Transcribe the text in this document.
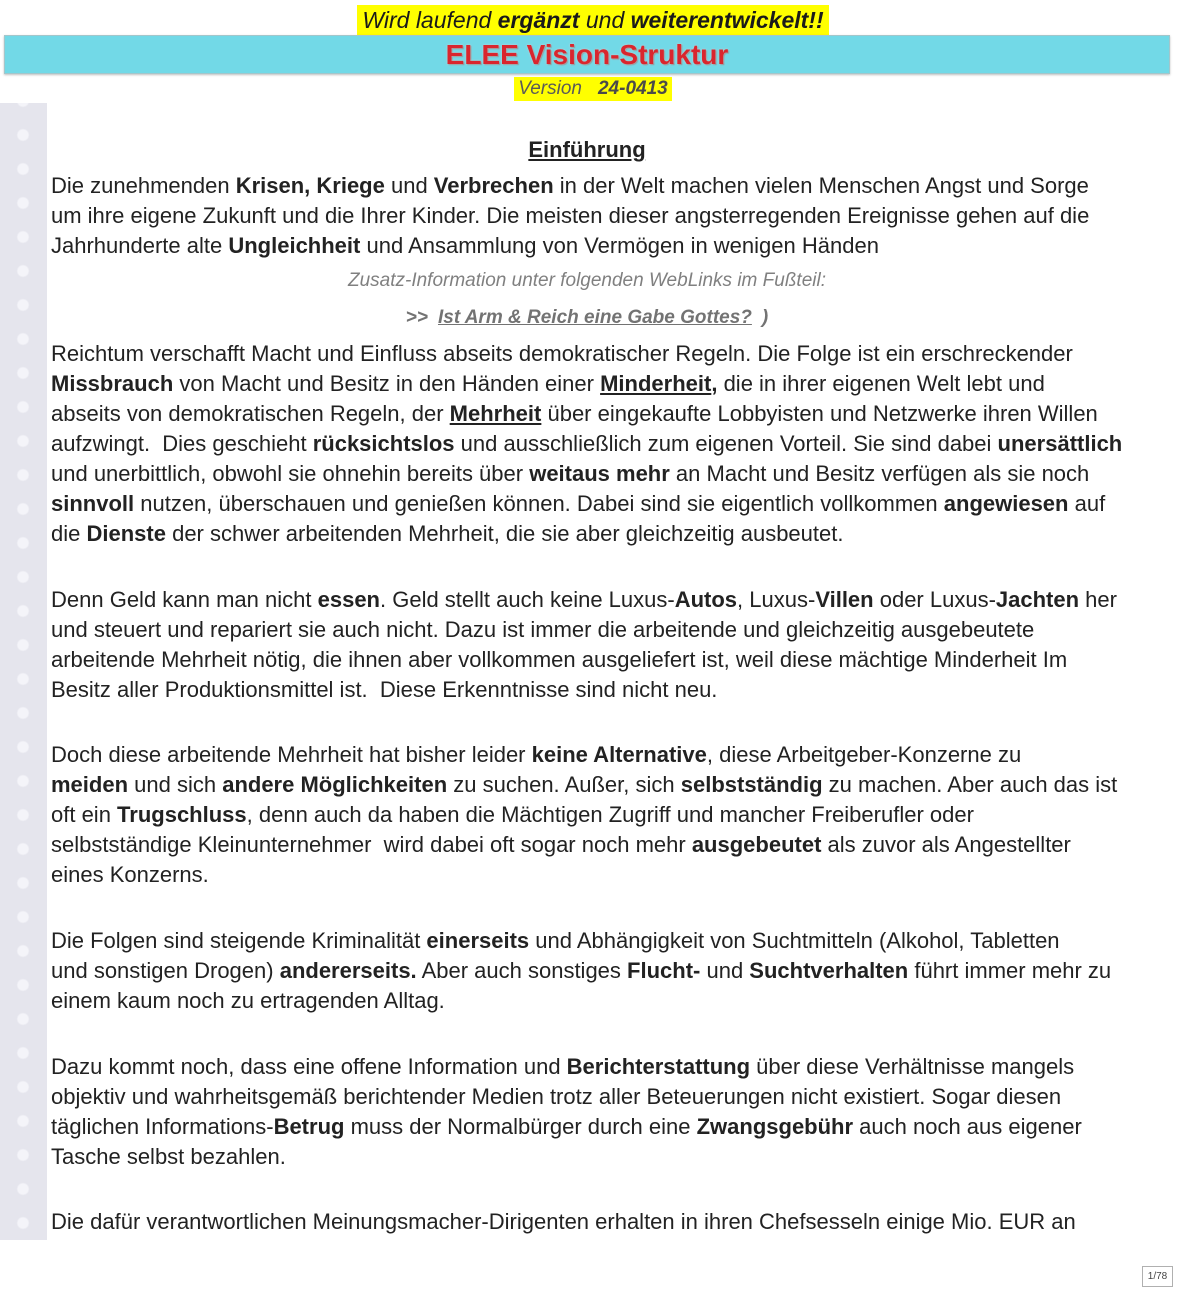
Wird laufend ergänzt und weiterentwickelt!!
ELEE Vision-Struktur
Version 24-0413
Einführung
Die zunehmenden Krisen, Kriege und Verbrechen in der Welt machen vielen Menschen Angst und Sorge
um ihre eigene Zukunft und die Ihrer Kinder. Die meisten dieser angsterregenden Ereignisse gehen auf die
Jahrhunderte alte Ungleichheit und Ansammlung von Vermögen in wenigen Händen
Zusatz-Information unter folgenden WebLinks im Fußteil:
>> Ist Arm & Reich eine Gabe Gottes? )
Reichtum verschafft Macht und Einfluss abseits demokratischer Regeln. Die Folge ist ein erschreckender
Missbrauch von Macht und Besitz in den Händen einer Minderheit, die in ihrer eigenen Welt lebt und
abseits von demokratischen Regeln, der Mehrheit über eingekaufte Lobbyisten und Netzwerke ihren Willen
aufzwingt.  Dies geschieht rücksichtslos und ausschließlich zum eigenen Vorteil. Sie sind dabei unersättlich
und unerbittlich, obwohl sie ohnehin bereits über weitaus mehr an Macht und Besitz verfügen als sie noch
sinnvoll nutzen, überschauen und genießen können. Dabei sind sie eigentlich vollkommen angewiesen auf
die Dienste der schwer arbeitenden Mehrheit, die sie aber gleichzeitig ausbeutet.
Denn Geld kann man nicht essen. Geld stellt auch keine Luxus-Autos, Luxus-Villen oder Luxus-Jachten her
und steuert und repariert sie auch nicht. Dazu ist immer die arbeitende und gleichzeitig ausgebeutete
arbeitende Mehrheit nötig, die ihnen aber vollkommen ausgeliefert ist, weil diese mächtige Minderheit Im
Besitz aller Produktionsmittel ist.  Diese Erkenntnisse sind nicht neu.
Doch diese arbeitende Mehrheit hat bisher leider keine Alternative, diese Arbeitgeber-Konzerne zu
meiden und sich andere Möglichkeiten zu suchen. Außer, sich selbstständig zu machen. Aber auch das ist
oft ein Trugschluss, denn auch da haben die Mächtigen Zugriff und mancher Freiberufler oder
selbstständige Kleinunternehmer  wird dabei oft sogar noch mehr ausgebeutet als zuvor als Angestellter
eines Konzerns.
Die Folgen sind steigende Kriminalität einerseits und Abhängigkeit von Suchtmitteln (Alkohol, Tabletten
und sonstigen Drogen) andererseits. Aber auch sonstiges Flucht- und Suchtverhalten führt immer mehr zu
einem kaum noch zu ertragenden Alltag.
Dazu kommt noch, dass eine offene Information und Berichterstattung über diese Verhältnisse mangels
objektiv und wahrheitsgemäß berichtender Medien trotz aller Beteuerungen nicht existiert. Sogar diesen
täglichen Informations-Betrug muss der Normalbürger durch eine Zwangsgebühr auch noch aus eigener
Tasche selbst bezahlen.
Die dafür verantwortlichen Meinungsmacher-Dirigenten erhalten in ihren Chefsesseln einige Mio. EUR an
1/78
